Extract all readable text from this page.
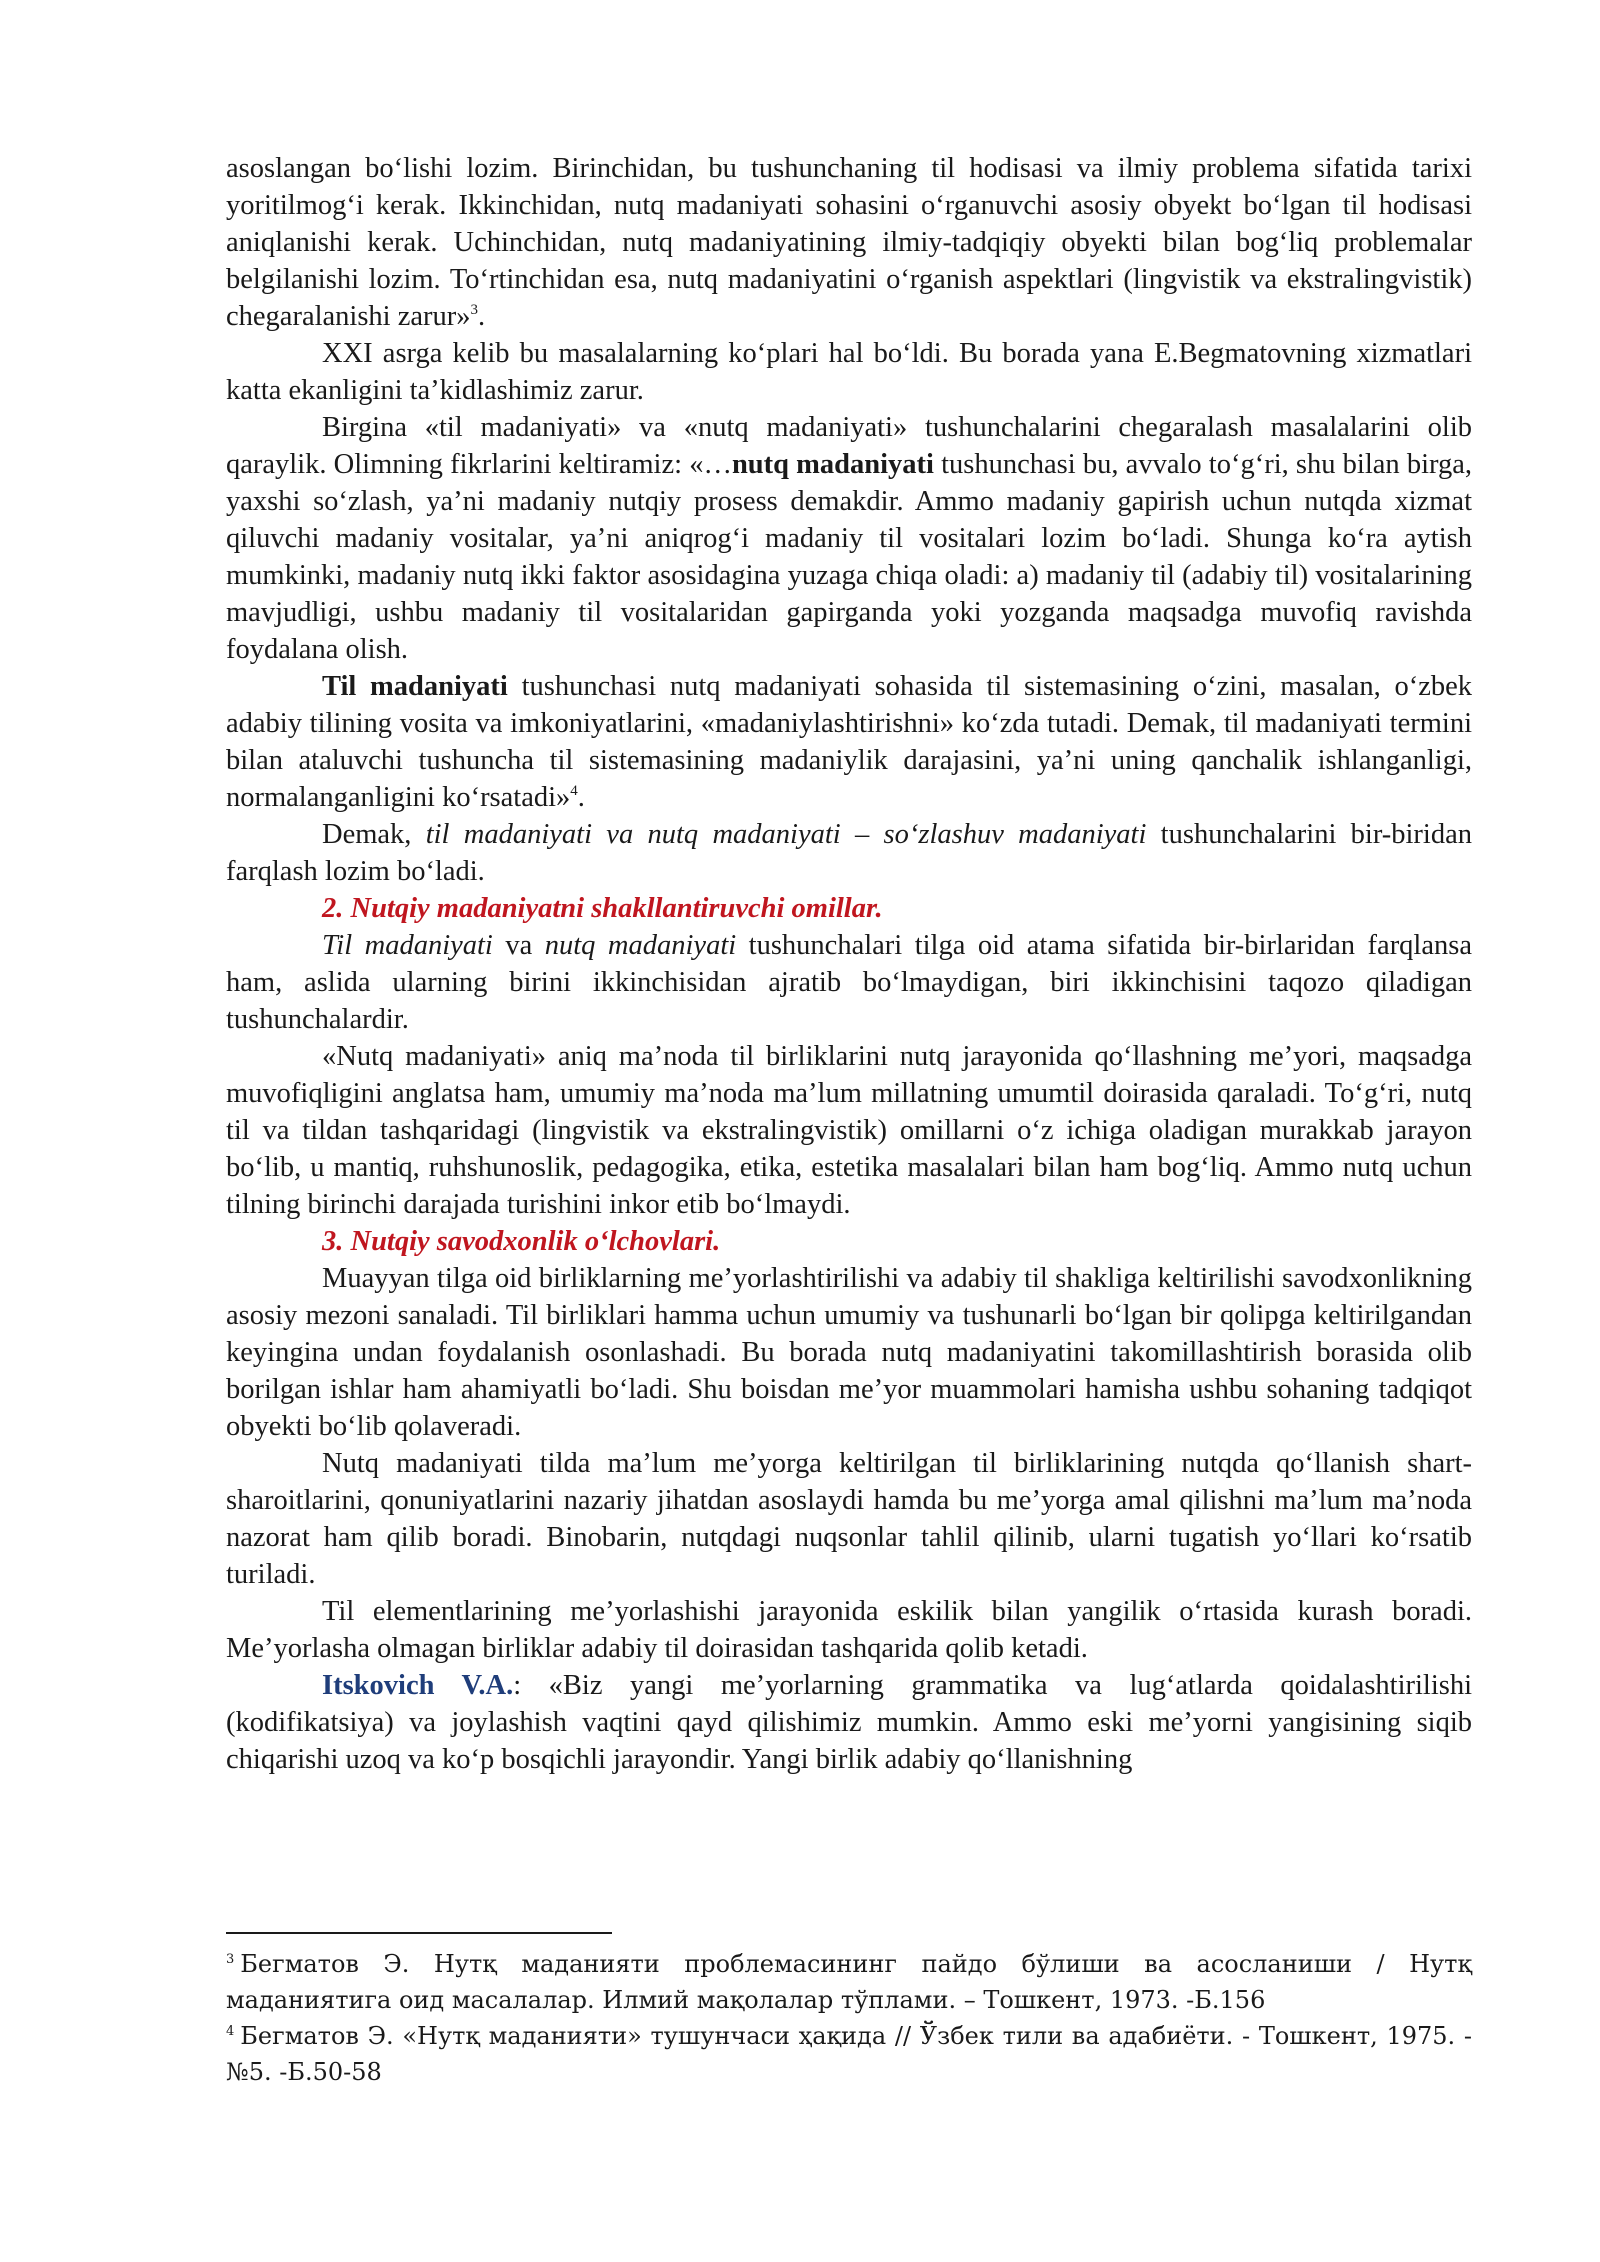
asoslangan boʻlishi lozim. Birinchidan, bu tushunchaning til hodisasi va ilmiy problema sifatida tarixi yoritilmogʻi kerak. Ikkinchidan, nutq madaniyati sohasini oʻrganuvchi asosiy obyekt boʻlgan til hodisasi aniqlanishi kerak. Uchinchidan, nutq madaniyatining ilmiy-tadqiqiy obyekti bilan bogʻliq problemalar belgilanishi lozim. Toʻrtinchidan esa, nutq madaniyatini oʻrganish aspektlari (lingvistik va ekstralingvistik) chegaralanishi zarur»$^3$.

XXI asrga kelib bu masalalarning koʻplari hal boʻldi. Bu borada yana E.Begmatovning xizmatlari katta ekanligini taʼkidlashimiz zarur.

Birgina «til madaniyati» va «nutq madaniyati» tushunchalarini chegaralash masalalarini olib qaraylik. Olimning fikrlarini keltiramiz: «…nutq madaniyati tushunchasi bu, avvalo toʻgʻri, shu bilan birga, yaxshi soʻzlash, yaʼni madaniy nutqiy prosess demakdir. Ammo madaniy gapirish uchun nutqda xizmat qiluvchi madaniy vositalar, yaʼni aniqrogʻi madaniy til vositalari lozim boʻladi. Shunga koʻra aytish mumkinki, madaniy nutq ikki faktor asosidagina yuzaga chiqa oladi: a) madaniy til (adabiy til) vositalarining mavjudligi, ushbu madaniy til vositalaridan gapirganda yoki yozganda maqsadga muvofiq ravishda foydalana olish.

Til madaniyati tushunchasi nutq madaniyati sohasida til sistemasining oʻzini, masalan, oʻzbek adabiy tilining vosita va imkoniyatlarini, «madaniylashtirishni» koʻzda tutadi. Demak, til madaniyati termini bilan ataluvchi tushuncha til sistemasining madaniylik darajasini, yaʼni uning qanchalik ishlanganligi, normalanganligini koʻrsatadi»$^4$.

Demak, til madaniyati va nutq madaniyati – soʻzlashuv madaniyati tushunchalarini bir-biridan farqlash lozim boʻladi.

2. Nutqiy madaniyatni shakllantiruvchi omillar.

Til madaniyati va nutq madaniyati tushunchalari tilga oid atama sifatida bir-birlaridan farqlansa ham, aslida ularning birini ikkinchisidan ajratib boʻlmaydigan, biri ikkinchisini taqozo qiladigan tushunchalardir.

«Nutq madaniyati» aniq maʼnoda til birliklarini nutq jarayonida qoʻllashning meʼyori, maqsadga muvofiqligini anglatsa ham, umumiy maʼnoda maʼlum millatning umumtil doirasida qaraladi. Toʻgʻri, nutq til va tildan tashqaridagi (lingvistik va ekstralingvistik) omillarni oʻz ichiga oladigan murakkab jarayon boʻlib, u mantiq, ruhshunoslik, pedagogika, etika, estetika masalalari bilan ham bogʻliq. Ammo nutq uchun tilning birinchi darajada turishini inkor etib boʻlmaydi.

3. Nutqiy savodxonlik oʻlchovlari.

Muayyan tilga oid birliklarning meʼyorlashtirilishi va adabiy til shakliga keltirilishi savodxonlikning asosiy mezoni sanaladi. Til birliklari hamma uchun umumiy va tushunarli boʻlgan bir qolipga keltirilgandan keyingina undan foydalanish osonlashadi. Bu borada nutq madaniyatini takomillashtirish borasida olib borilgan ishlar ham ahamiyatli boʻladi. Shu boisdan meʼyor muammolari hamisha ushbu sohaning tadqiqot obyekti boʻlib qolaveradi.

Nutq madaniyati tilda maʼlum meʼyorga keltirilgan til birliklarining nutqda qoʻllanish shart-sharoitlarini, qonuniyatlarini nazariy jihatdan asoslaydi hamda bu meʼyorga amal qilishni maʼlum maʼnoda nazorat ham qilib boradi. Binobarin, nutqdagi nuqsonlar tahlil qilinib, ularni tugatish yoʻllari koʻrsatib turiladi.

Til elementlarining meʼyorlashishi jarayonida eskilik bilan yangilik oʻrtasida kurash boradi. Meʼyorlasha olmagan birliklar adabiy til doirasidan tashqarida qolib ketadi.

Itskovich V.A.: «Biz yangi meʼyorlarning grammatika va lugʻatlarda qoidalashtirilishi (kodifikatsiya) va joylashish vaqtini qayd qilishimiz mumkin. Ammo eski meʼyorni yangisining siqib chiqarishi uzoq va koʻp bosqichli jarayondir. Yangi birlik adabiy qoʻllanishning

$^3$ Бегматов Э. Нутқ маданияти проблемасининг пайдо бўлиши ва асосланиши / Нутқ маданиятига оид масалалар. Илмий мақолалар тўплами. – Тошкент, 1973. -Б.156

$^4$ Бегматов Э. «Нутқ маданияти» тушунчаси ҳақида // Ўзбек тили ва адабиёти. - Тошкент, 1975. -№5. -Б.50-58
